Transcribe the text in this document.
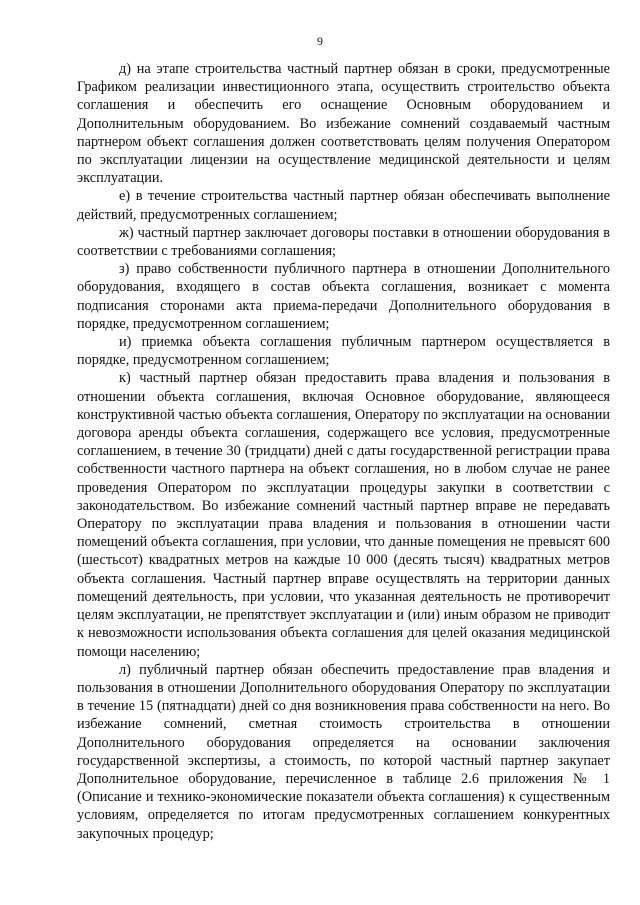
9

д) на этапе строительства частный партнер обязан в сроки, предусмотренные Графиком реализации инвестиционного этапа, осуществить строительство объекта соглашения и обеспечить его оснащение Основным оборудованием и Дополнительным оборудованием. Во избежание сомнений создаваемый частным партнером объект соглашения должен соответствовать целям получения Оператором по эксплуатации лицензии на осуществление медицинской деятельности и целям эксплуатации.

е) в течение строительства частный партнер обязан обеспечивать выполнение действий, предусмотренных соглашением;

ж) частный партнер заключает договоры поставки в отношении оборудования в соответствии с требованиями соглашения;

з) право собственности публичного партнера в отношении Дополнительного оборудования, входящего в состав объекта соглашения, возникает с момента подписания сторонами акта приема-передачи Дополнительного оборудования в порядке, предусмотренном соглашением;

и) приемка объекта соглашения публичным партнером осуществляется в порядке, предусмотренном соглашением;

к) частный партнер обязан предоставить права владения и пользования в отношении объекта соглашения, включая Основное оборудование, являющееся конструктивной частью объекта соглашения, Оператору по эксплуатации на основании договора аренды объекта соглашения, содержащего все условия, предусмотренные соглашением, в течение 30 (тридцати) дней с даты государственной регистрации права собственности частного партнера на объект соглашения, но в любом случае не ранее проведения Оператором по эксплуатации процедуры закупки в соответствии с законодательством. Во избежание сомнений частный партнер вправе не передавать Оператору по эксплуатации права владения и пользования в отношении части помещений объекта соглашения, при условии, что данные помещения не превысят 600 (шестьсот) квадратных метров на каждые 10 000 (десять тысяч) квадратных метров объекта соглашения. Частный партнер вправе осуществлять на территории данных помещений деятельность, при условии, что указанная деятельность не противоречит целям эксплуатации, не препятствует эксплуатации и (или) иным образом не приводит к невозможности использования объекта соглашения для целей оказания медицинской помощи населению;

л) публичный партнер обязан обеспечить предоставление прав владения и пользования в отношении Дополнительного оборудования Оператору по эксплуатации в течение 15 (пятнадцати) дней со дня возникновения права собственности на него. Во избежание сомнений, сметная стоимость строительства в отношении Дополнительного оборудования определяется на основании заключения государственной экспертизы, а стоимость, по которой частный партнер закупает Дополнительное оборудование, перечисленное в таблице 2.6 приложения № 1 (Описание и технико-экономические показатели объекта соглашения) к существенным условиям, определяется по итогам предусмотренных соглашением конкурентных закупочных процедур;
